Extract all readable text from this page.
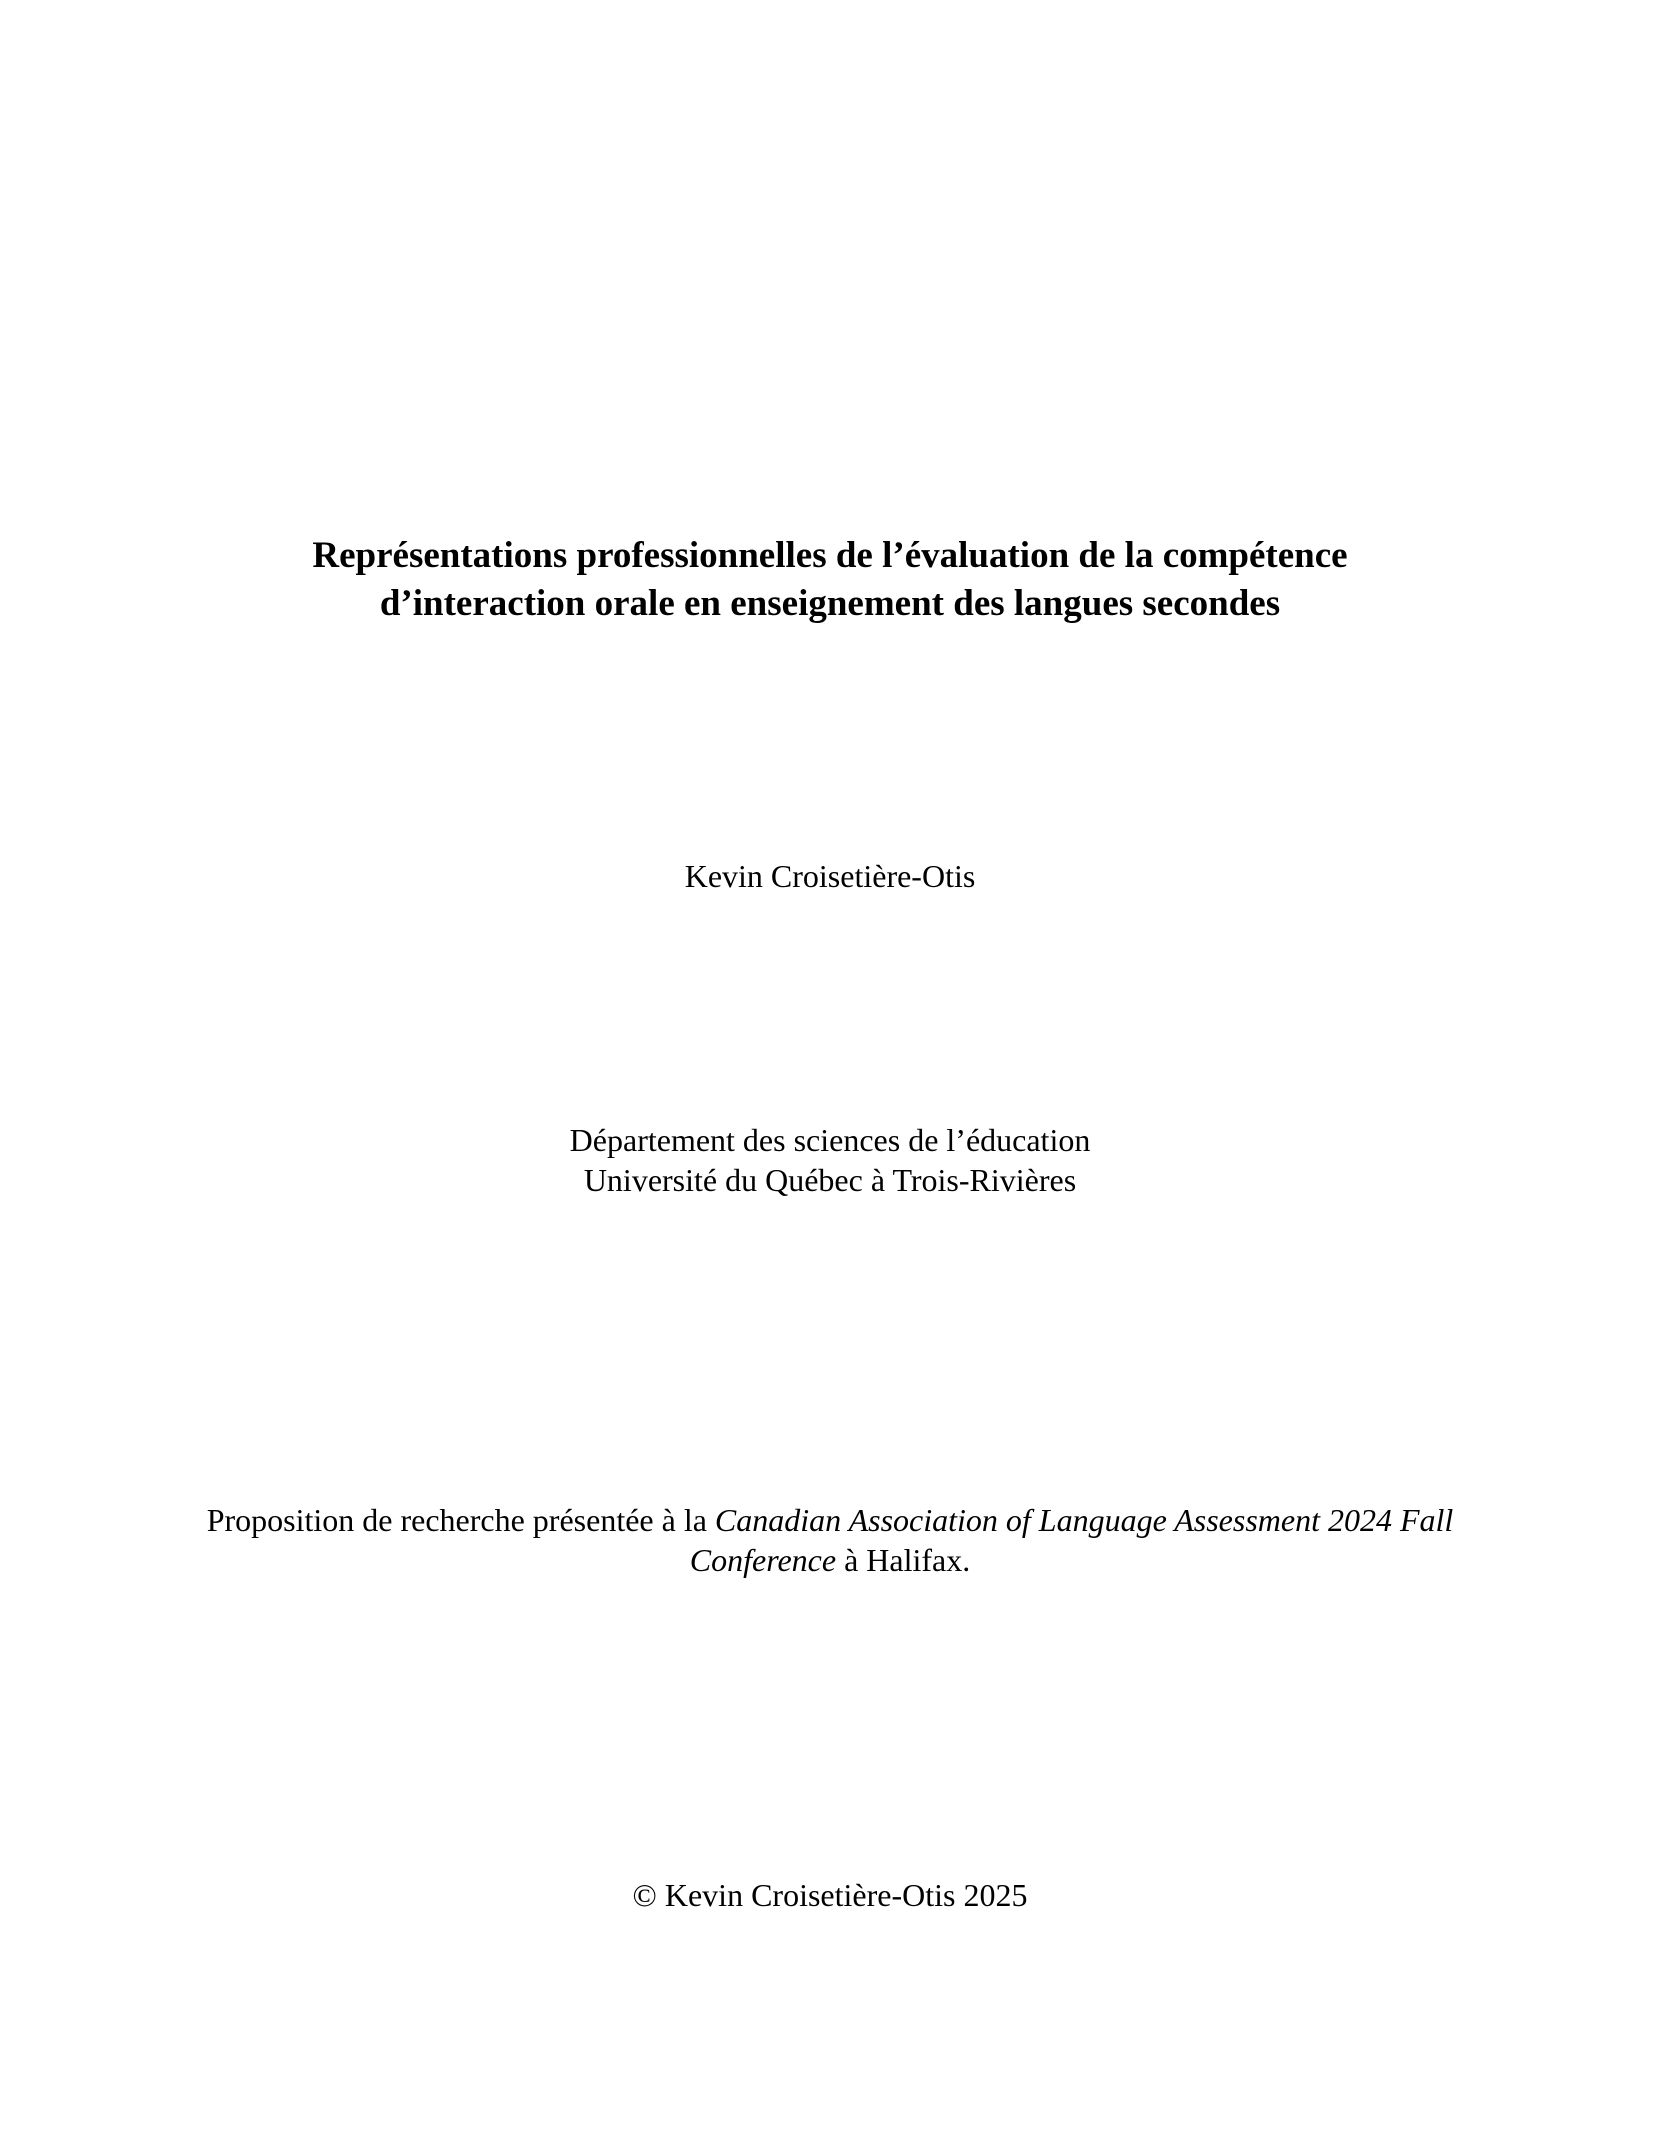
Représentations professionnelles de l’évaluation de la compétence
d’interaction orale en enseignement des langues secondes

Kevin Croisetière-Otis

Département des sciences de l’éducation
Université du Québec à Trois-Rivières
Proposition de recherche présentée à la Canadian Association of Language Assessment 2024 Fall
Conference à Halifax.

© Kevin Croisetière-Otis 2025
